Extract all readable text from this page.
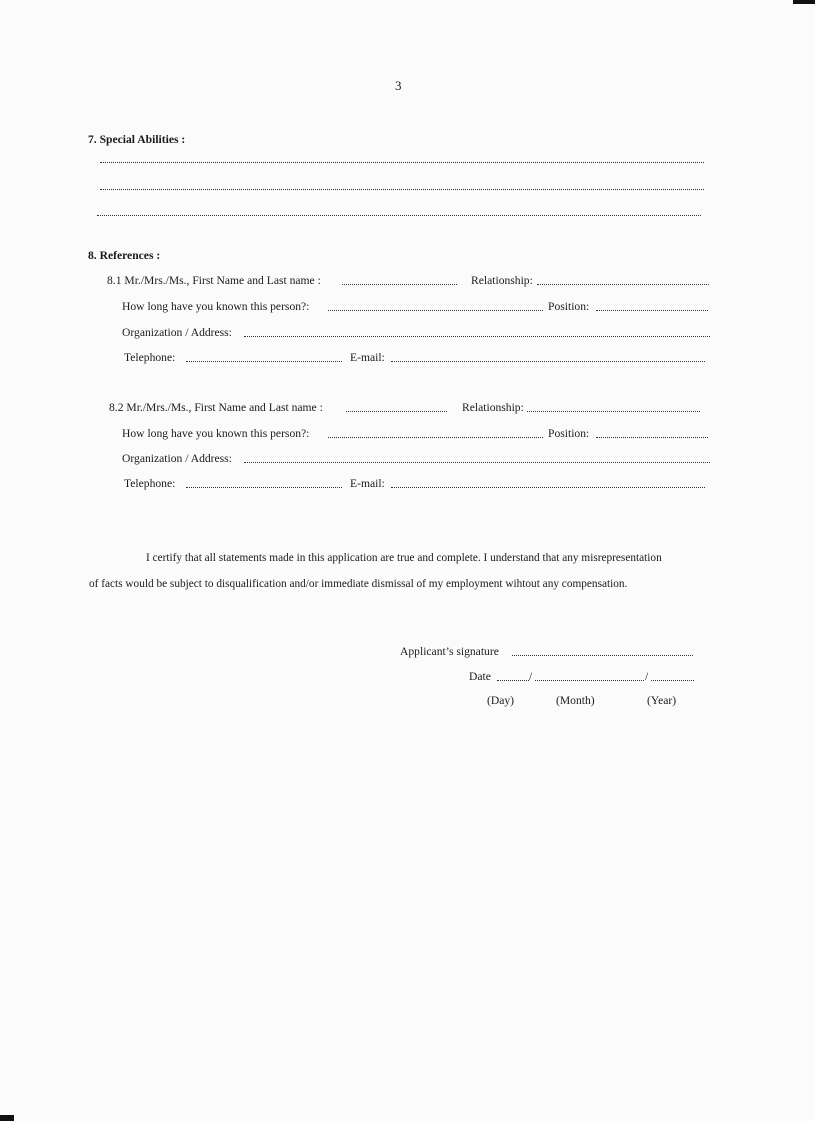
3
7. Special Abilities :
8. References :
8.1 Mr./Mrs./Ms., First Name and Last name :	Relationship:
How long have you known this person?:	Position:
Organization / Address:
Telephone:	E-mail:
8.2 Mr./Mrs./Ms., First Name and Last name :	Relationship:
How long have you known this person?:	Position:
Organization / Address:
Telephone:	E-mail:
I certify that all statements made in this application are true and complete. I understand that any misrepresentation
of facts would be subject to disqualification and/or immediate dismissal of my employment wihtout any compensation.
Applicant’s signature
Date	/	/
(Day)	(Month)	(Year)
